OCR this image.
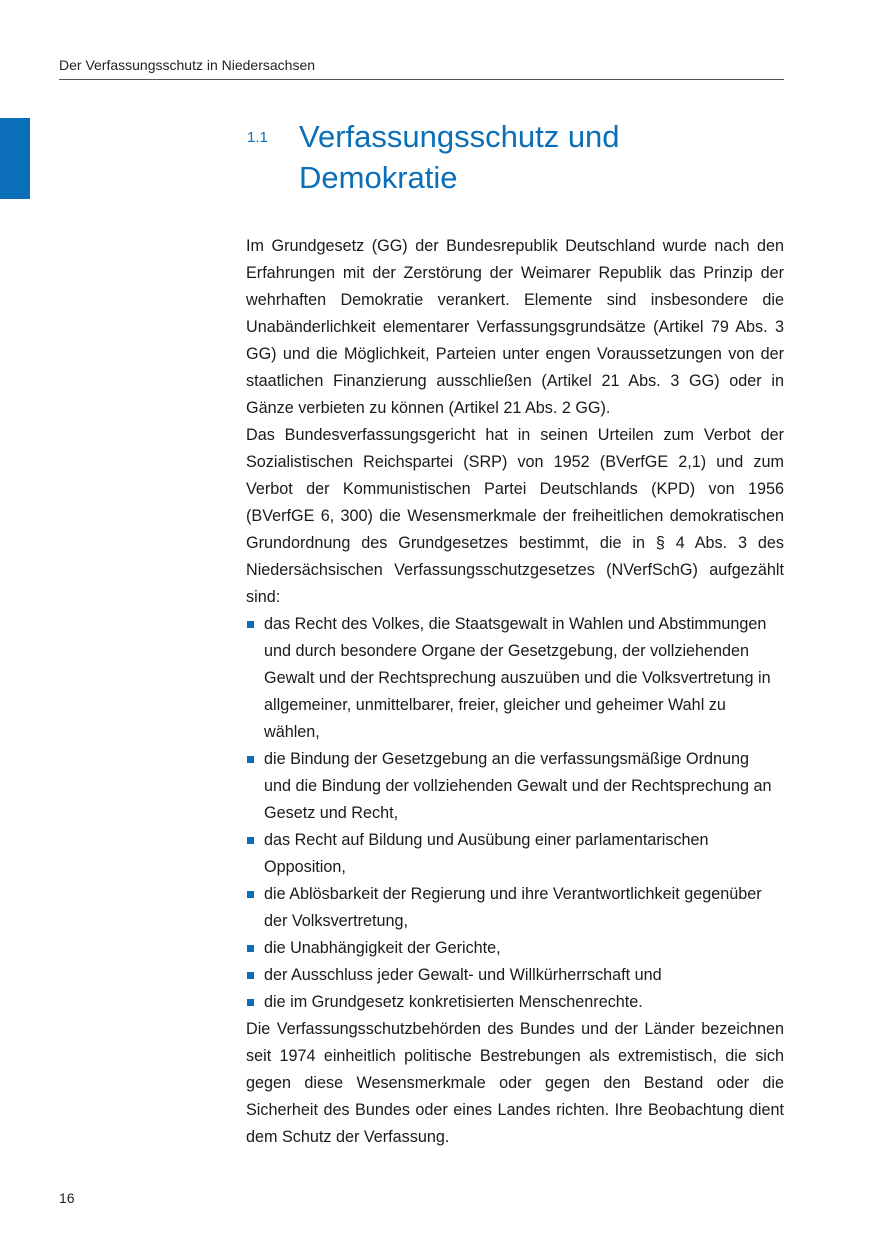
Der Verfassungsschutz in Niedersachsen
1.1 Verfassungsschutz und Demokratie

Im Grundgesetz (GG) der Bundesrepublik Deutschland wurde nach den Erfahrungen mit der Zerstörung der Weimarer Republik das Prinzip der wehrhaften Demokratie verankert. Elemente sind insbesondere die Unabänderlichkeit elementarer Verfassungsgrundsätze (Artikel 79 Abs. 3 GG) und die Möglichkeit, Parteien unter engen Voraussetzungen von der staatlichen Finanzierung ausschließen (Artikel 21 Abs. 3 GG) oder in Gänze verbieten zu können (Artikel 21 Abs. 2 GG).

Das Bundesverfassungsgericht hat in seinen Urteilen zum Verbot der Sozialistischen Reichspartei (SRP) von 1952 (BVerfGE 2,1) und zum Verbot der Kommunistischen Partei Deutschlands (KPD) von 1956 (BVerfGE 6, 300) die Wesensmerkmale der freiheitlichen demokratischen Grundordnung des Grundgesetzes bestimmt, die in § 4 Abs. 3 des Niedersächsischen Verfassungsschutzgesetzes (NVerfSchG) aufgezählt sind:

das Recht des Volkes, die Staatsgewalt in Wahlen und Abstimmungen und durch besondere Organe der Gesetzgebung, der vollziehenden Gewalt und der Rechtsprechung auszuüben und die Volksvertretung in allgemeiner, unmittelbarer, freier, gleicher und geheimer Wahl zu wählen,
die Bindung der Gesetzgebung an die verfassungsmäßige Ordnung und die Bindung der vollziehenden Gewalt und der Rechtsprechung an Gesetz und Recht,
das Recht auf Bildung und Ausübung einer parlamentarischen Opposition,
die Ablösbarkeit der Regierung und ihre Verantwortlichkeit gegenüber der Volksvertretung,
die Unabhängigkeit der Gerichte,
der Ausschluss jeder Gewalt- und Willkürherrschaft und
die im Grundgesetz konkretisierten Menschenrechte.

Die Verfassungsschutzbehörden des Bundes und der Länder bezeichnen seit 1974 einheitlich politische Bestrebungen als extremistisch, die sich gegen diese Wesensmerkmale oder gegen den Bestand oder die Sicherheit des Bundes oder eines Landes richten. Ihre Beobachtung dient dem Schutz der Verfassung.

16
